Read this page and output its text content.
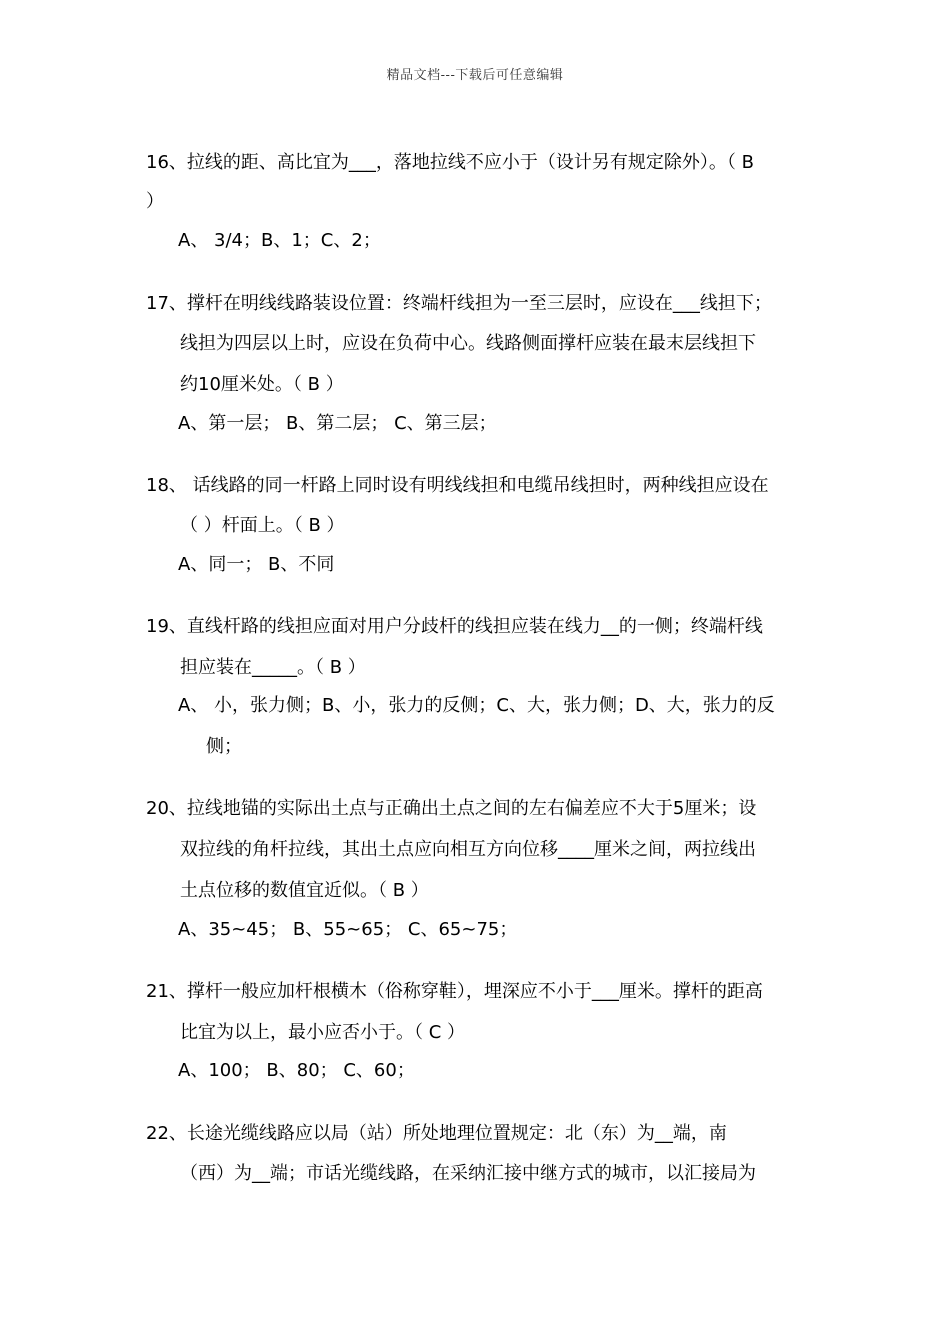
精品文档---下载后可任意编辑
16、拉线的距、高比宜为___，落地拉线不应小于（设计另有规定除外）。（ B
）
A、 3/4；B、1；C、2；
17、撑杆在明线线路装设位置：终端杆线担为一至三层时，应设在___线担下；
线担为四层以上时，应设在负荷中心。线路侧面撑杆应装在最末层线担下
约10厘米处。（ B ）
A、第一层； B、第二层； C、第三层；
18、 话线路的同一杆路上同时设有明线线担和电缆吊线担时，两种线担应设在
（ ）杆面上。（ B ）
A、同一； B、不同
19、直线杆路的线担应面对用户分歧杆的线担应装在线力__的一侧；终端杆线
担应装在_____。（ B ）
A、 小，张力侧；B、小，张力的反侧；C、大，张力侧；D、大，张力的反
侧；
20、拉线地锚的实际出土点与正确出土点之间的左右偏差应不大于5厘米；设
双拉线的角杆拉线，其出土点应向相互方向位移____厘米之间，两拉线出
土点位移的数值宜近似。（ B ）
A、35~45； B、55~65； C、65~75；
21、撑杆一般应加杆根横木（俗称穿鞋），埋深应不小于___厘米。撑杆的距高
比宜为以上，最小应否小于。（ C ）
A、100； B、80； C、60；
22、长途光缆线路应以局（站）所处地理位置规定：北（东）为__端，南
（西）为__端；市话光缆线路，在采纳汇接中继方式的城市，以汇接局为
